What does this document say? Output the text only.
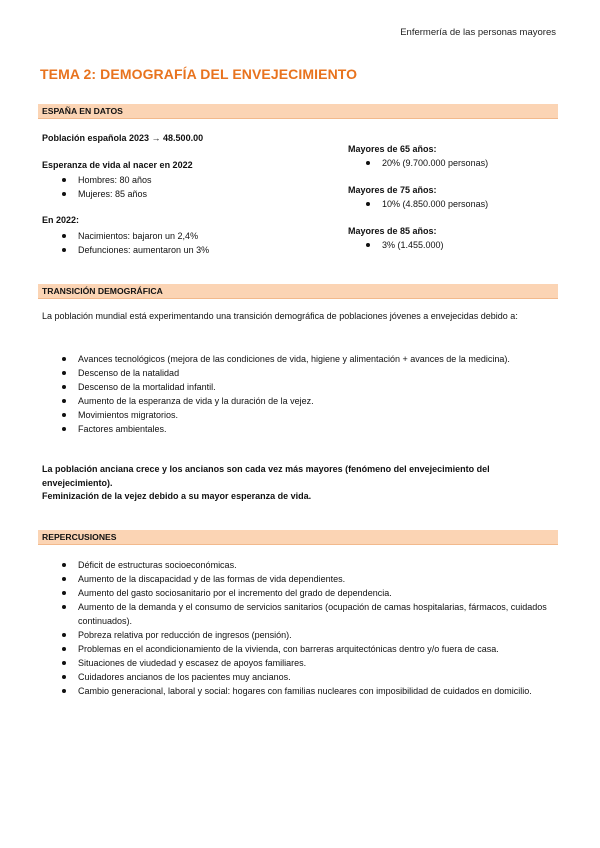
Enfermería de las personas mayores
TEMA 2: DEMOGRAFÍA DEL ENVEJECIMIENTO
ESPAÑA EN DATOS
Población española 2023 → 48.500.00
Esperanza de vida al nacer en 2022
Hombres: 80 años
Mujeres: 85 años
En 2022:
Nacimientos: bajaron un 2,4%
Defunciones: aumentaron un 3%
Mayores de 65 años:
20% (9.700.000 personas)
Mayores de 75 años:
10% (4.850.000 personas)
Mayores de 85 años:
3% (1.455.000)
TRANSICIÓN DEMOGRÁFICA
La población mundial está experimentando una transición demográfica de poblaciones jóvenes a envejecidas debido a:
Avances tecnológicos (mejora de las condiciones de vida, higiene y alimentación + avances de la medicina).
Descenso de la natalidad
Descenso de la mortalidad infantil.
Aumento de la esperanza de vida y la duración de la vejez.
Movimientos migratorios.
Factores ambientales.
La población anciana crece y los ancianos son cada vez más mayores (fenómeno del envejecimiento del envejecimiento).
Feminización de la vejez debido a su mayor esperanza de vida.
REPERCUSIONES
Déficit de estructuras socioeconómicas.
Aumento de la discapacidad y de las formas de vida dependientes.
Aumento del gasto sociosanitario por el incremento del grado de dependencia.
Aumento de la demanda y el consumo de servicios sanitarios (ocupación de camas hospitalarias, fármacos, cuidados continuados).
Pobreza relativa por reducción de ingresos (pensión).
Problemas en el acondicionamiento de la vivienda, con barreras arquitectónicas dentro y/o fuera de casa.
Situaciones de viudedad y escasez de apoyos familiares.
Cuidadores ancianos de los pacientes muy ancianos.
Cambio generacional, laboral y social: hogares con familias nucleares con imposibilidad de cuidados en domicilio.
